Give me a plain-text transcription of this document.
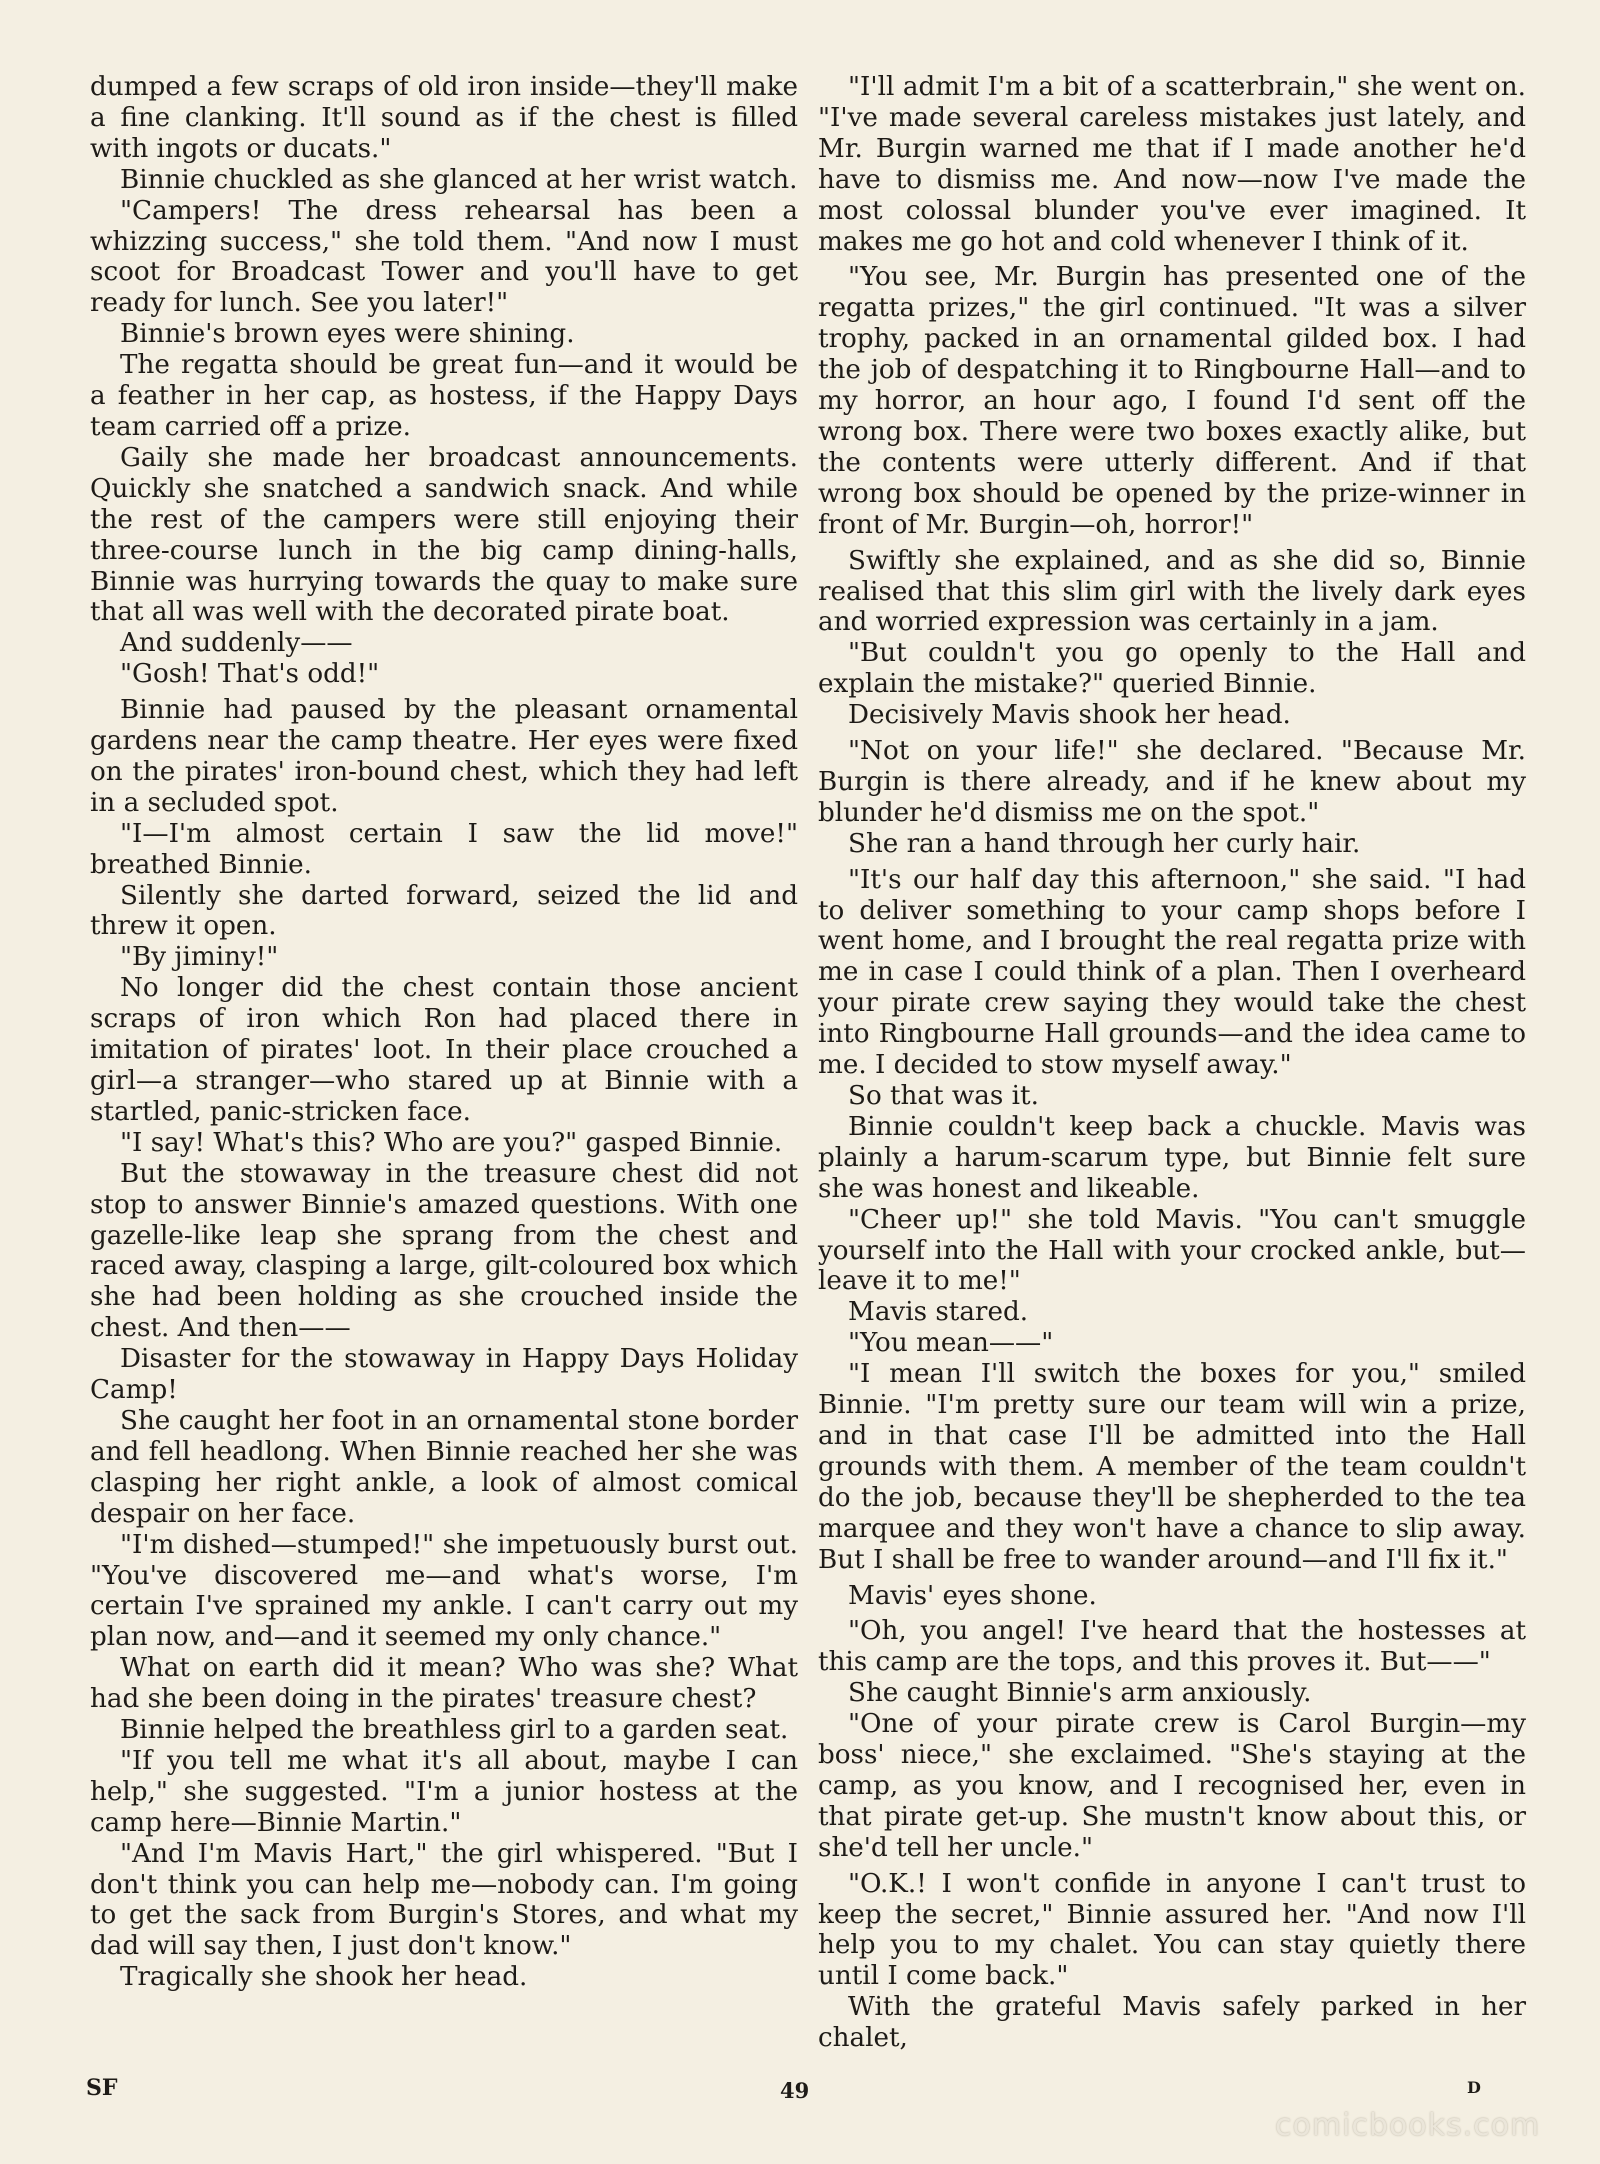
dumped a few scraps of old iron inside—they'll make a fine clanking. It'll sound as if the chest is filled with ingots or ducats."

Binnie chuckled as she glanced at her wrist watch.

"Campers! The dress rehearsal has been a whizzing success," she told them. "And now I must scoot for Broadcast Tower and you'll have to get ready for lunch. See you later!"

Binnie's brown eyes were shining.

The regatta should be great fun—and it would be a feather in her cap, as hostess, if the Happy Days team carried off a prize.

Gaily she made her broadcast announcements. Quickly she snatched a sandwich snack. And while the rest of the campers were still enjoying their three-course lunch in the big camp dining-halls, Binnie was hurrying towards the quay to make sure that all was well with the decorated pirate boat.

And suddenly——

"Gosh! That's odd!"

Binnie had paused by the pleasant ornamental gardens near the camp theatre. Her eyes were fixed on the pirates' iron-bound chest, which they had left in a secluded spot.

"I—I'm almost certain I saw the lid move!" breathed Binnie.

Silently she darted forward, seized the lid and threw it open.

"By jiminy!"

No longer did the chest contain those ancient scraps of iron which Ron had placed there in imitation of pirates' loot. In their place crouched a girl—a stranger—who stared up at Binnie with a startled, panic-stricken face.

"I say! What's this? Who are you?" gasped Binnie.

But the stowaway in the treasure chest did not stop to answer Binnie's amazed questions. With one gazelle-like leap she sprang from the chest and raced away, clasping a large, gilt-coloured box which she had been holding as she crouched inside the chest. And then——

Disaster for the stowaway in Happy Days Holiday Camp!

She caught her foot in an ornamental stone border and fell headlong. When Binnie reached her she was clasping her right ankle, a look of almost comical despair on her face.

"I'm dished—stumped!" she impetuously burst out. "You've discovered me—and what's worse, I'm certain I've sprained my ankle. I can't carry out my plan now, and—and it seemed my only chance."

What on earth did it mean? Who was she? What had she been doing in the pirates' treasure chest?

Binnie helped the breathless girl to a garden seat.

"If you tell me what it's all about, maybe I can help," she suggested. "I'm a junior hostess at the camp here—Binnie Martin."

"And I'm Mavis Hart," the girl whispered. "But I don't think you can help me—nobody can. I'm going to get the sack from Burgin's Stores, and what my dad will say then, I just don't know."

Tragically she shook her head.

"I'll admit I'm a bit of a scatterbrain," she went on. "I've made several careless mistakes just lately, and Mr. Burgin warned me that if I made another he'd have to dismiss me. And now—now I've made the most colossal blunder you've ever imagined. It makes me go hot and cold whenever I think of it.

"You see, Mr. Burgin has presented one of the regatta prizes," the girl continued. "It was a silver trophy, packed in an ornamental gilded box. I had the job of despatching it to Ringbourne Hall—and to my horror, an hour ago, I found I'd sent off the wrong box. There were two boxes exactly alike, but the contents were utterly different. And if that wrong box should be opened by the prize-winner in front of Mr. Burgin—oh, horror!"

Swiftly she explained, and as she did so, Binnie realised that this slim girl with the lively dark eyes and worried expression was certainly in a jam.

"But couldn't you go openly to the Hall and explain the mistake?" queried Binnie.

Decisively Mavis shook her head.

"Not on your life!" she declared. "Because Mr. Burgin is there already, and if he knew about my blunder he'd dismiss me on the spot."

She ran a hand through her curly hair.

"It's our half day this afternoon," she said. "I had to deliver something to your camp shops before I went home, and I brought the real regatta prize with me in case I could think of a plan. Then I overheard your pirate crew saying they would take the chest into Ringbourne Hall grounds—and the idea came to me. I decided to stow myself away."

So that was it.

Binnie couldn't keep back a chuckle. Mavis was plainly a harum-scarum type, but Binnie felt sure she was honest and likeable.

"Cheer up!" she told Mavis. "You can't smuggle yourself into the Hall with your crocked ankle, but—leave it to me!"

Mavis stared.

"You mean——"

"I mean I'll switch the boxes for you," smiled Binnie. "I'm pretty sure our team will win a prize, and in that case I'll be admitted into the Hall grounds with them. A member of the team couldn't do the job, because they'll be shepherded to the tea marquee and they won't have a chance to slip away. But I shall be free to wander around—and I'll fix it."

Mavis' eyes shone.

"Oh, you angel! I've heard that the hostesses at this camp are the tops, and this proves it. But——"

She caught Binnie's arm anxiously.

"One of your pirate crew is Carol Burgin—my boss' niece," she exclaimed. "She's staying at the camp, as you know, and I recognised her, even in that pirate get-up. She mustn't know about this, or she'd tell her uncle."

"O.K.! I won't confide in anyone I can't trust to keep the secret," Binnie assured her. "And now I'll help you to my chalet. You can stay quietly there until I come back."

With the grateful Mavis safely parked in her chalet,

SF	49	D
comicbooks.com
